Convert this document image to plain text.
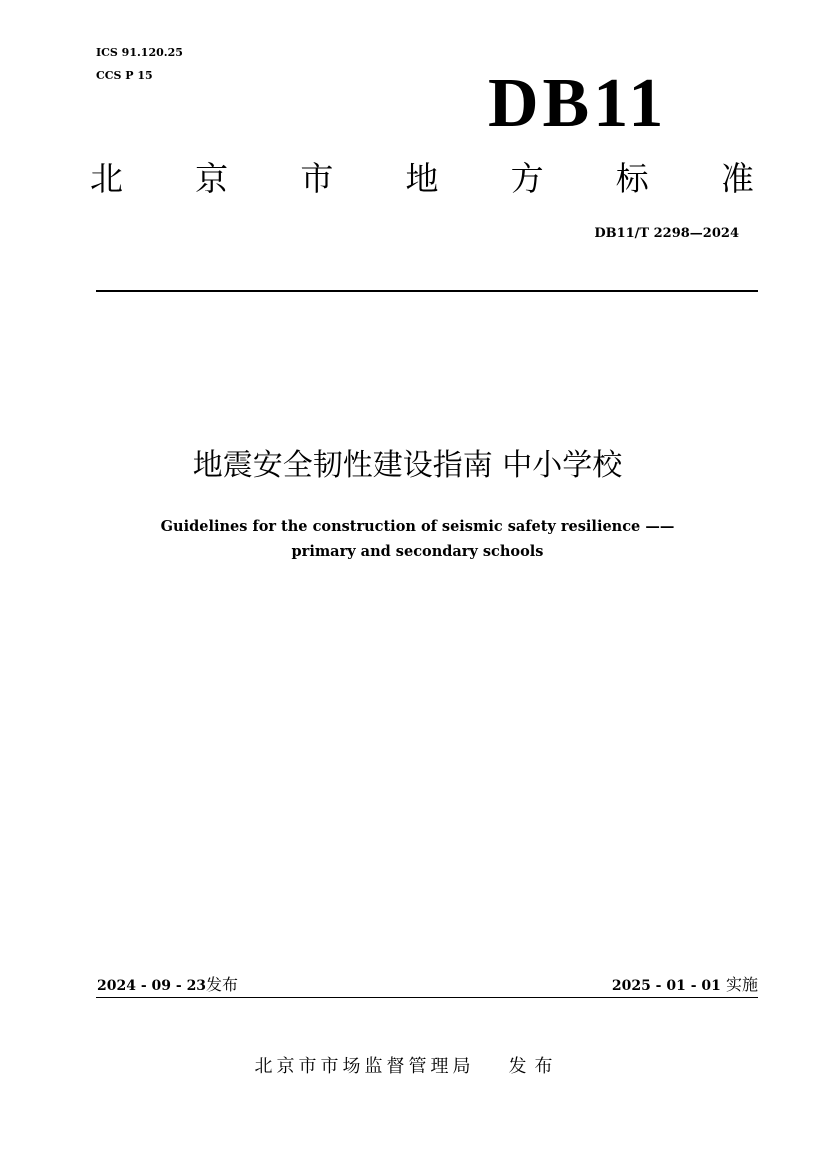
ICS 91.120.25
CCS P 15	DB11
北 京 市 地 方 标 准
DB11/T 2298—2024
地震安全韧性建设指南 中小学校
Guidelines for the construction of seismic safety resilience ——
primary and secondary schools
2024 - 09 - 23发布	2025 - 01 - 01 实施
北京市市场监督管理局 发布
